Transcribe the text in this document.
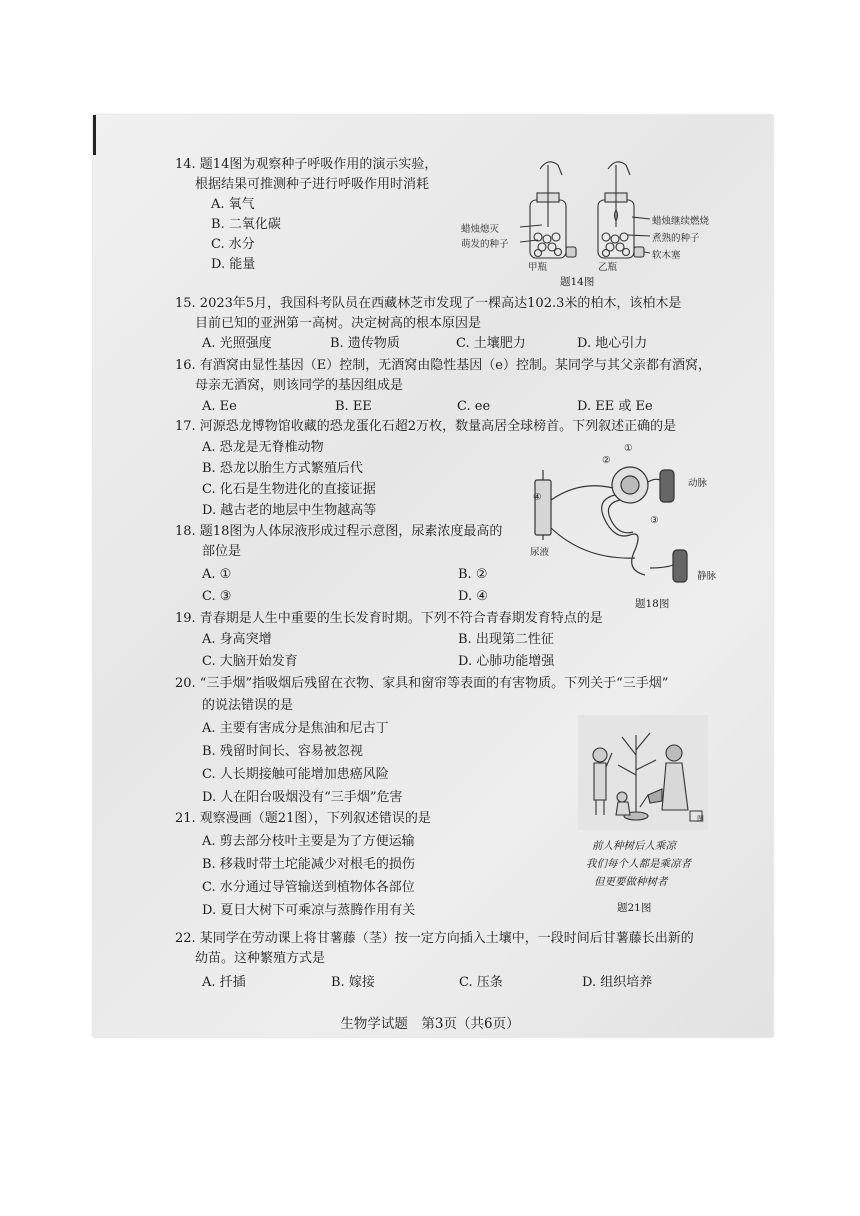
14. 题14图为观察种子呼吸作用的演示实验，
根据结果可推测种子进行呼吸作用时消耗
A. 氧气
B. 二氧化碳
C. 水分
D. 能量
蜡烛熄灭
萌发的种子
蜡烛继续燃烧
煮熟的种子
软木塞
甲瓶	乙瓶
题14图
15. 2023年5月，我国科考队员在西藏林芝市发现了一棵高达102.3米的柏木，该柏木是
目前已知的亚洲第一高树。决定树高的根本原因是
A. 光照强度	B. 遗传物质	C. 土壤肥力	D. 地心引力
16. 有酒窝由显性基因（E）控制，无酒窝由隐性基因（e）控制。某同学与其父亲都有酒窝，
母亲无酒窝，则该同学的基因组成是
A. Ee	B. EE	C. ee	D. EE 或 Ee
17. 河源恐龙博物馆收藏的恐龙蛋化石超2万枚，数量高居全球榜首。下列叙述正确的是
A. 恐龙是无脊椎动物
B. 恐龙以胎生方式繁殖后代
C. 化石是生物进化的直接证据
D. 越古老的地层中生物越高等
18. 题18图为人体尿液形成过程示意图，尿素浓度最高的
部位是
A. ①	B. ②
C. ③	D. ④
①
②
③
④
动脉
静脉
尿液
题18图
19. 青春期是人生中重要的生长发育时期。下列不符合青春期发育特点的是
A. 身高突增	B. 出现第二性征
C. 大脑开始发育	D. 心肺功能增强
20. “三手烟”指吸烟后残留在衣物、家具和窗帘等表面的有害物质。下列关于“三手烟”
的说法错误的是
A. 主要有害成分是焦油和尼古丁
B. 残留时间长、容易被忽视
C. 人长期接触可能增加患癌风险
D. 人在阳台吸烟没有“三手烟”危害
21. 观察漫画（题21图），下列叙述错误的是
A. 剪去部分枝叶主要是为了方便运输
B. 移栽时带土坨能减少对根毛的损伤
C. 水分通过导管输送到植物体各部位
D. 夏日大树下可乘凉与蒸腾作用有关
图
前人种树后人乘凉
我们每个人都是乘凉者
但更要做种树者
题21图
22. 某同学在劳动课上将甘薯藤（茎）按一定方向插入土壤中，一段时间后甘薯藤长出新的
幼苗。这种繁殖方式是
A. 扦插	B. 嫁接	C. 压条	D. 组织培养
生物学试题　第3页（共6页）
